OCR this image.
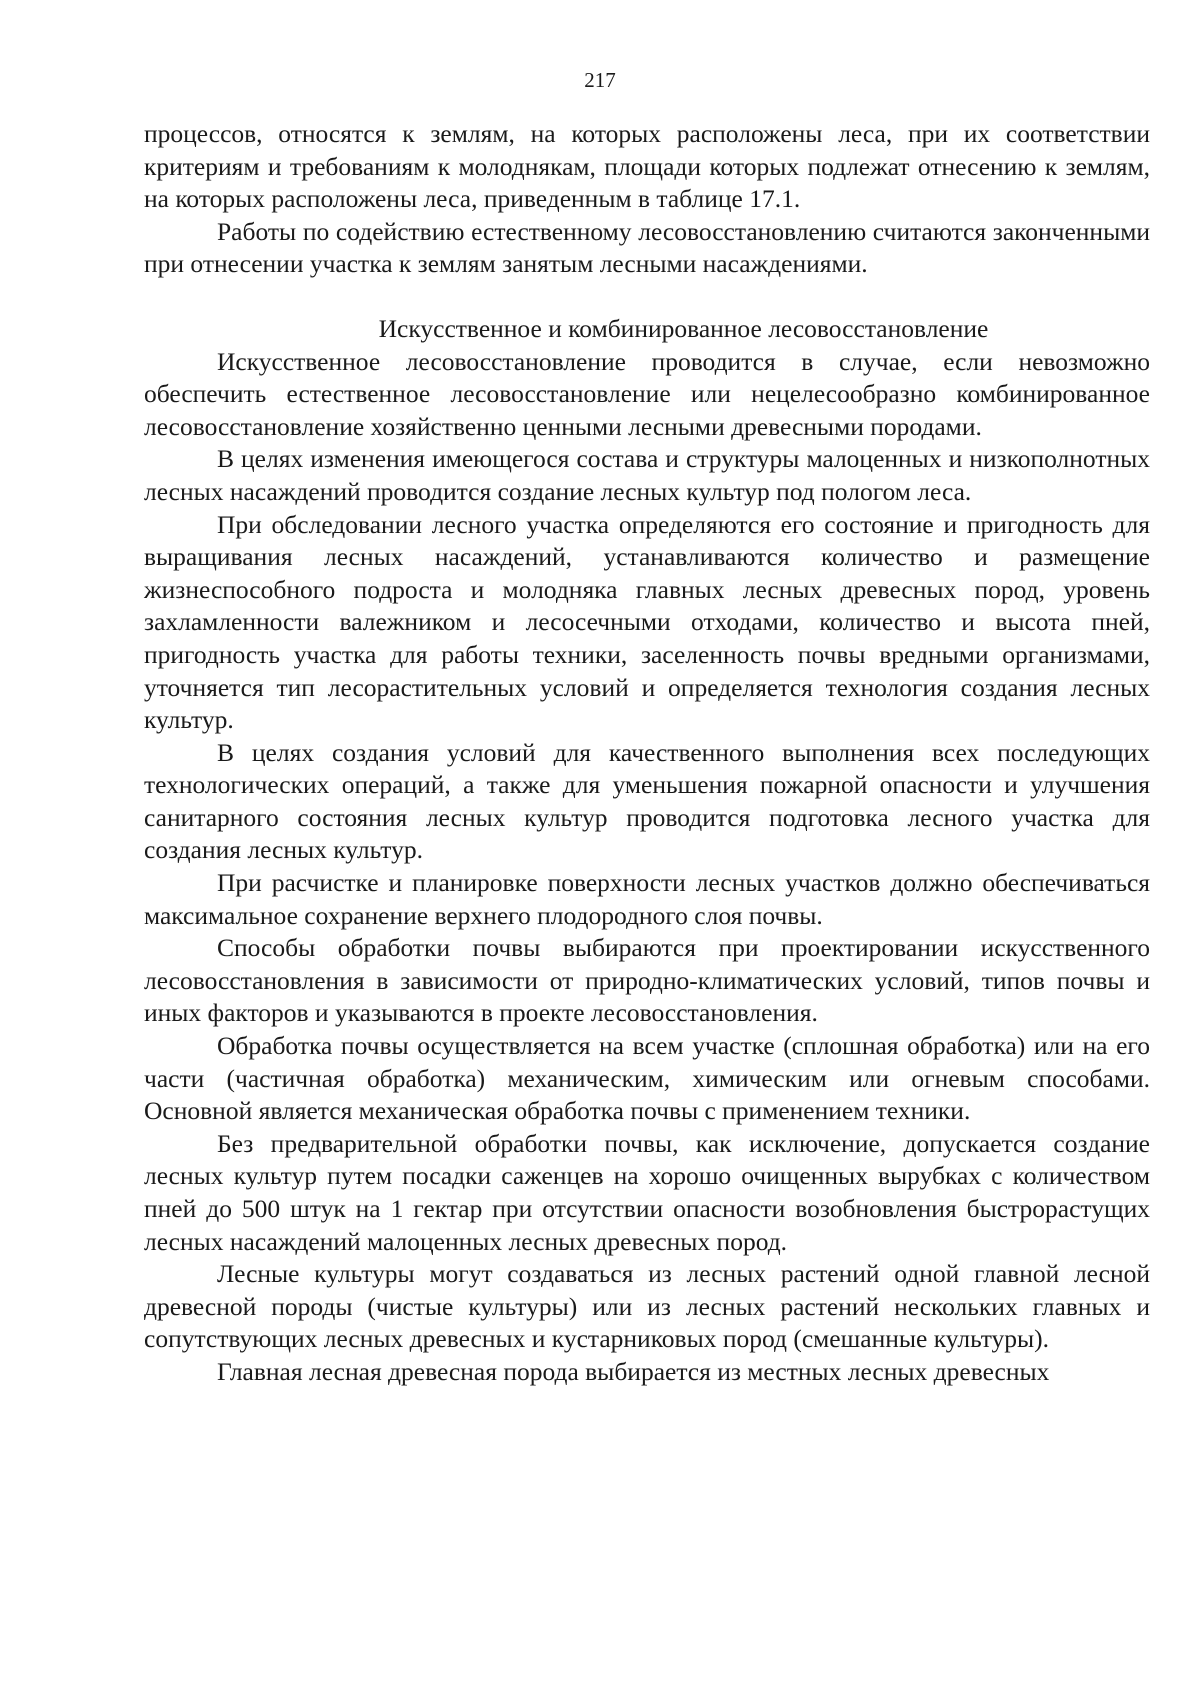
217

процессов, относятся к землям, на которых расположены леса, при их соответствии критериям и требованиям к молоднякам, площади которых подлежат отнесению к землям, на которых расположены леса, приведенным в таблице 17.1.

Работы по содействию естественному лесовосстановлению считаются законченными при отнесении участка к землям занятым лесными насаждениями.

Искусственное и комбинированное лесовосстановление

Искусственное лесовосстановление проводится в случае, если невозможно обеспечить естественное лесовосстановление или нецелесообразно комбинированное лесовосстановление хозяйственно ценными лесными древесными породами.

В целях изменения имеющегося состава и структуры малоценных и низкополнотных лесных насаждений проводится создание лесных культур под пологом леса.

При обследовании лесного участка определяются его состояние и пригодность для выращивания лесных насаждений, устанавливаются количество и размещение жизнеспособного подроста и молодняка главных лесных древесных пород, уровень захламленности валежником и лесосечными отходами, количество и высота пней, пригодность участка для работы техники, заселенность почвы вредными организмами, уточняется тип лесорастительных условий и определяется технология создания лесных культур.

В целях создания условий для качественного выполнения всех последующих технологических операций, а также для уменьшения пожарной опасности и улучшения санитарного состояния лесных культур проводится подготовка лесного участка для создания лесных культур.

При расчистке и планировке поверхности лесных участков должно обеспечиваться максимальное сохранение верхнего плодородного слоя почвы.

Способы обработки почвы выбираются при проектировании искусственного лесовосстановления в зависимости от природно-климатических условий, типов почвы и иных факторов и указываются в проекте лесовосстановления.

Обработка почвы осуществляется на всем участке (сплошная обработка) или на его части (частичная обработка) механическим, химическим или огневым способами. Основной является механическая обработка почвы с применением техники.

Без предварительной обработки почвы, как исключение, допускается создание лесных культур путем посадки саженцев на хорошо очищенных вырубках с количеством пней до 500 штук на 1 гектар при отсутствии опасности возобновления быстрорастущих лесных насаждений малоценных лесных древесных пород.

Лесные культуры могут создаваться из лесных растений одной главной лесной древесной породы (чистые культуры) или из лесных растений нескольких главных и сопутствующих лесных древесных и кустарниковых пород (смешанные культуры).

Главная лесная древесная порода выбирается из местных лесных древесных
